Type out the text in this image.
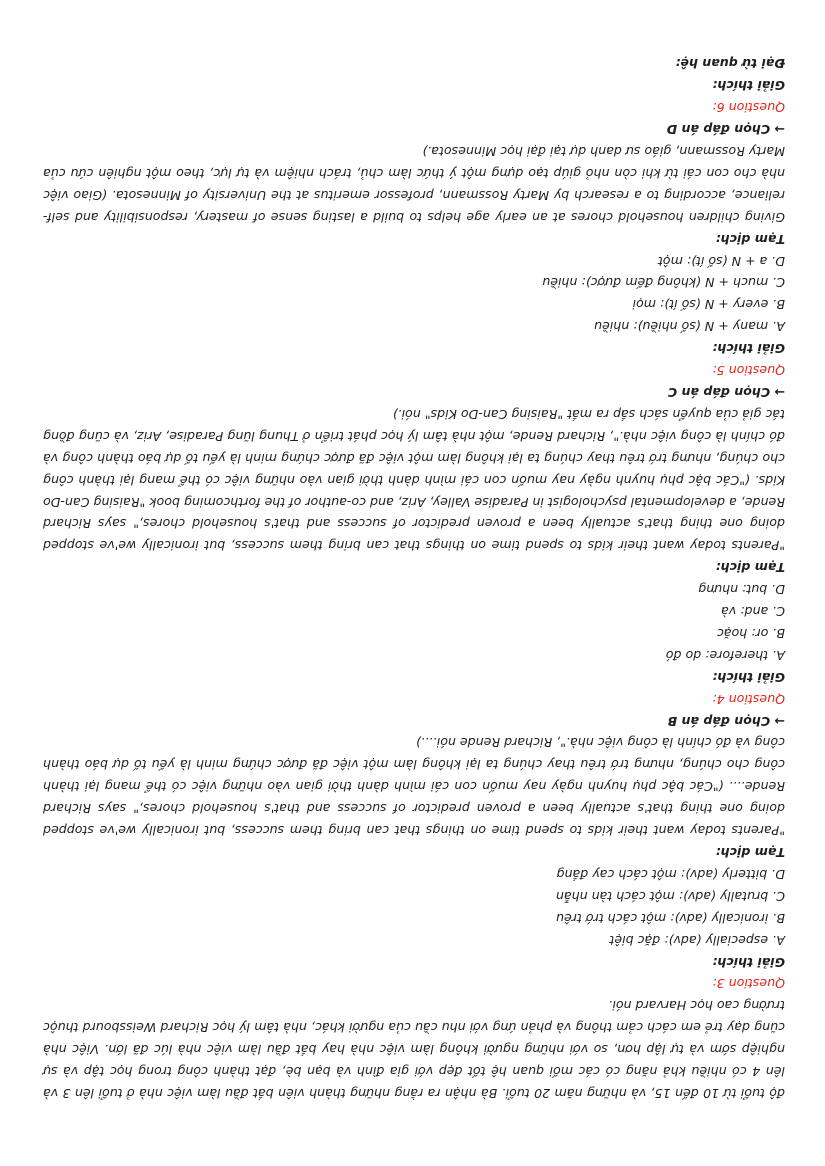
độ tuổi từ 10 đến 15, và những năm 20 tuổi. Bà nhận ra rằng những thành viên bắt đầu làm việc nhà ở tuổi lên 3 và lên 4 có nhiều khả năng có các mối quan hệ tốt đẹp với gia đình và bạn bè, đạt thành công trong học tập và sự nghiệp sớm và tự lập hơn, so với những người không làm việc nhà hay bắt đầu làm việc nhà lúc đã lớn. Việc nhà cũng dạy trẻ em cách cảm thông và phản ứng với nhu cầu của người khác, nhà tâm lý học Richard Weissbourd thuộc trường cao học Harvard nói.

Question 3:
Giải thích:
A. especially (adv): đặc biệt
B. ironically (adv): một cách trớ trêu
C. brutally (adv): một cách tàn nhẫn
D. bitterly (adv): một cách cay đắng
Tạm dịch:

"Parents today want their kids to spend time on things that can bring them success, but ironically we've stopped doing one thing that's actually been a proven predictor of success and that's household chores," says Richard Rende.... ("Các bậc phụ huynh ngày nay muốn con cái mình dành thời gian vào những việc có thể mang lại thành công cho chúng, nhưng trớ trêu thay chúng ta lại không làm một việc đã được chứng minh là yếu tố dự báo thành công và đó chính là công việc nhà.", Richard Rende nói....)

→ Chọn đáp án B
Question 4:
Giải thích:
A. therefore: do đó
B. or: hoặc
C. and: và
D. but: nhưng
Tạm dịch:

"Parents today want their kids to spend time on things that can bring them success, but ironically we've stopped doing one thing that's actually been a proven predictor of success and that's household chores," says Richard Rende, a developmental psychologist in Paradise Valley, Ariz, and co-author of the forthcoming book "Raising Can-Do Kids. ("Các bậc phụ huynh ngày nay muốn con cái mình dành thời gian vào những việc có thể mang lại thành công cho chúng, nhưng trớ trêu thay chúng ta lại không làm một việc đã được chứng minh là yếu tố dự báo thành công và đó chính là công việc nhà.", Richard Rende, một nhà tâm lý học phát triển ở Thung lũng Paradise, Ariz, và cũng đồng tác giả của quyển sách sắp ra mắt "Raising Can-Do Kids" nói.)

→ Chọn đáp án C
Question 5:
Giải thích:
A. many + N (số nhiều): nhiều
B. every + N (số ít): mọi
C. much + N (không đếm được): nhiều
D. a + N (số ít): một
Tạm dịch:

Giving children household chores at an early age helps to build a lasting sense of mastery, responsibility and self-reliance, according to a research by Marty Rossmann, professor emeritus at the University of Minnesota. (Giao việc nhà cho con cái từ khi còn nhỏ giúp tạo dựng một ý thức làm chủ, trách nhiệm và tự lực, theo một nghiên cứu của Marty Rossmann, giáo sư danh dự tại đại học Minnesota.)

→ Chọn đáp án D
Question 6:
Giải thích:
Đại từ quan hệ:
